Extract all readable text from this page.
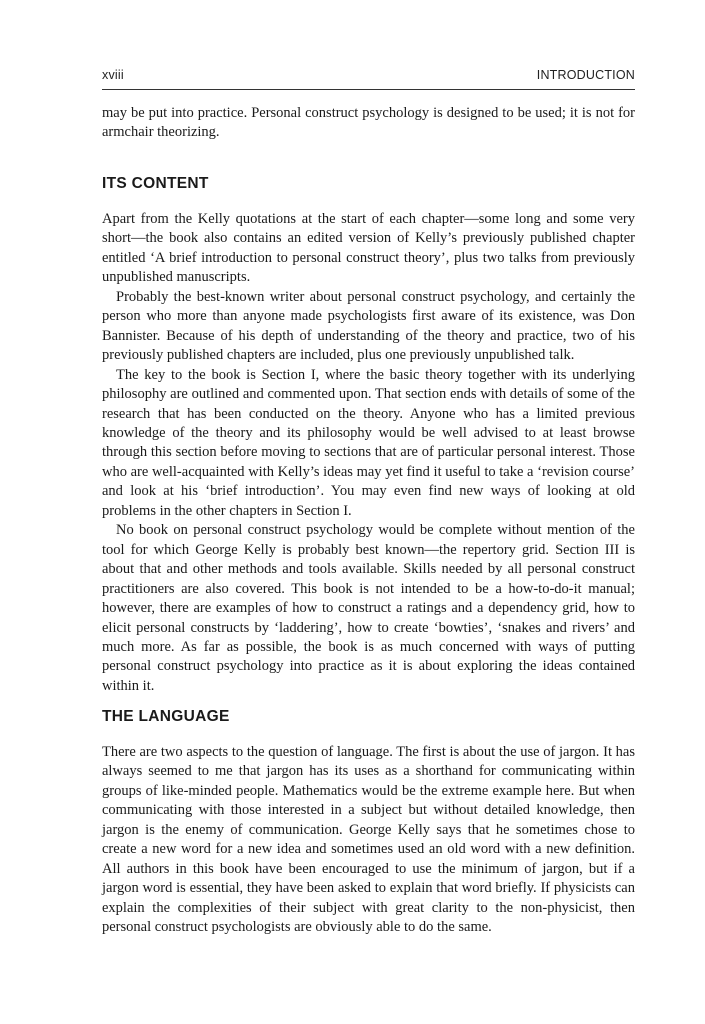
xviii	INTRODUCTION

may be put into practice. Personal construct psychology is designed to be used; it is not for armchair theorizing.

ITS CONTENT

Apart from the Kelly quotations at the start of each chapter—some long and some very short—the book also contains an edited version of Kelly’s previously published chapter entitled ‘A brief introduction to personal construct theory’, plus two talks from previously unpublished manuscripts.

Probably the best-known writer about personal construct psychology, and certainly the person who more than anyone made psychologists first aware of its existence, was Don Bannister. Because of his depth of understanding of the theory and practice, two of his previously published chapters are included, plus one previously unpublished talk.

The key to the book is Section I, where the basic theory together with its underlying philosophy are outlined and commented upon. That section ends with details of some of the research that has been conducted on the theory. Anyone who has a limited previous knowledge of the theory and its philosophy would be well advised to at least browse through this section before moving to sections that are of particular personal interest. Those who are well-acquainted with Kelly’s ideas may yet find it useful to take a ‘revision course’ and look at his ‘brief introduction’. You may even find new ways of looking at old problems in the other chapters in Section I.

No book on personal construct psychology would be complete without mention of the tool for which George Kelly is probably best known—the repertory grid. Section III is about that and other methods and tools available. Skills needed by all personal construct practitioners are also covered. This book is not intended to be a how-to-do-it manual; however, there are examples of how to construct a ratings and a dependency grid, how to elicit personal constructs by ‘laddering’, how to create ‘bowties’, ‘snakes and rivers’ and much more. As far as possible, the book is as much concerned with ways of putting personal construct psychology into practice as it is about exploring the ideas contained within it.

THE LANGUAGE

There are two aspects to the question of language. The first is about the use of jargon. It has always seemed to me that jargon has its uses as a shorthand for communicating within groups of like-minded people. Mathematics would be the extreme example here. But when communicating with those interested in a subject but without detailed knowledge, then jargon is the enemy of communication. George Kelly says that he sometimes chose to create a new word for a new idea and sometimes used an old word with a new definition. All authors in this book have been encouraged to use the minimum of jargon, but if a jargon word is essential, they have been asked to explain that word briefly. If physicists can explain the complexities of their subject with great clarity to the non-physicist, then personal construct psychologists are obviously able to do the same.
